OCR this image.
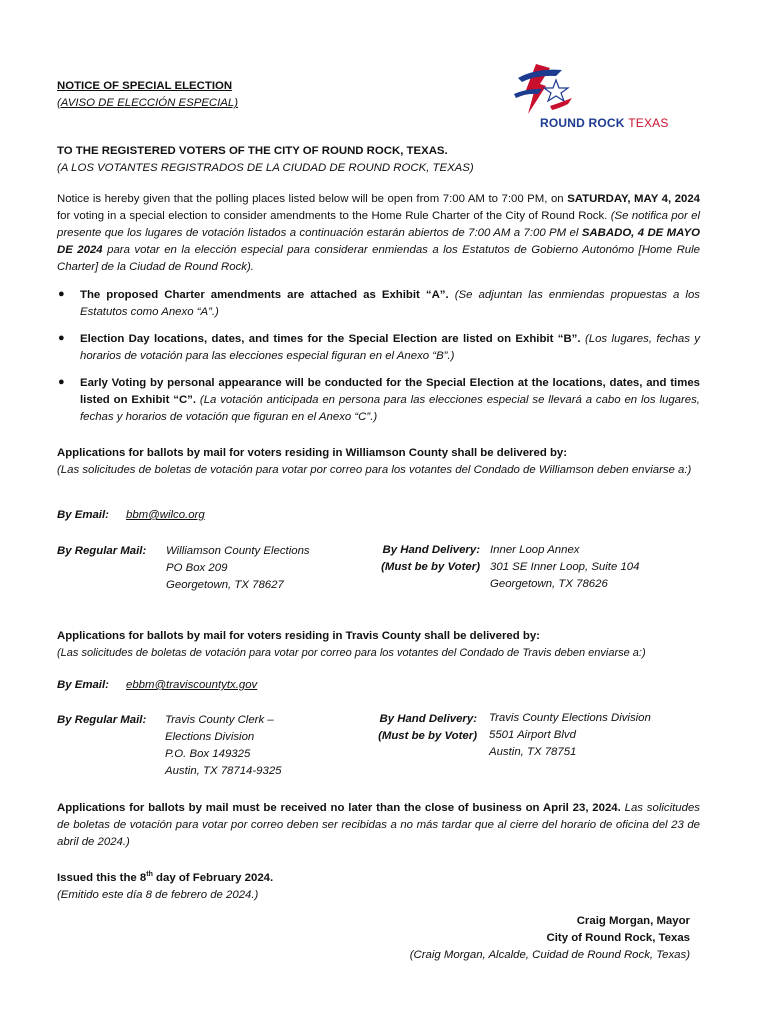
ROUND ROCK TEXAS
NOTICE OF SPECIAL ELECTION
(AVISO DE ELECCIÓN ESPECIAL)
TO THE REGISTERED VOTERS OF THE CITY OF ROUND ROCK, TEXAS.
(A LOS VOTANTES REGISTRADOS DE LA CIUDAD DE ROUND ROCK, TEXAS)
Notice is hereby given that the polling places listed below will be open from 7:00 AM to 7:00 PM, on SATURDAY, MAY 4, 2024 for voting in a special election to consider amendments to the Home Rule Charter of the City of Round Rock. (Se notifica por el presente que los lugares de votación listados a continuación estarán abiertos de 7:00 AM a 7:00 PM el SABADO, 4 DE MAYO DE 2024 para votar en la elección especial para considerar enmiendas a los Estatutos de Gobierno Autonómo [Home Rule Charter] de la Ciudad de Round Rock).
● The proposed Charter amendments are attached as Exhibit “A”. (Se adjuntan las enmiendas propuestas a los Estatutos como Anexo “A”.)
● Election Day locations, dates, and times for the Special Election are listed on Exhibit “B”. (Los lugares, fechas y horarios de votación para las elecciones especial figuran en el Anexo “B”.)
● Early Voting by personal appearance will be conducted for the Special Election at the locations, dates, and times listed on Exhibit “C”. (La votación anticipada en persona para las elecciones especial se llevará a cabo en los lugares, fechas y horarios de votación que figuran en el Anexo “C”.)
Applications for ballots by mail for voters residing in Williamson County shall be delivered by:
(Las solicitudes de boletas de votación para votar por correo para los votantes del Condado de Williamson deben enviarse a:)
By Email: bbm@wilco.org
By Regular Mail: Williamson County Elections
PO Box 209
Georgetown, TX 78627
By Hand Delivery:
(Must be by Voter)
Inner Loop Annex
301 SE Inner Loop, Suite 104
Georgetown, TX 78626
Applications for ballots by mail for voters residing in Travis County shall be delivered by:
(Las solicitudes de boletas de votación para votar por correo para los votantes del Condado de Travis deben enviarse a:)
By Email: ebbm@traviscountytx.gov
By Regular Mail: Travis County Clerk –
Elections Division
P.O. Box 149325
Austin, TX 78714-9325
By Hand Delivery:
(Must be by Voter)
Travis County Elections Division
5501 Airport Blvd
Austin, TX 78751
Applications for ballots by mail must be received no later than the close of business on April 23, 2024. Las solicitudes de boletas de votación para votar por correo deben ser recibidas a no más tardar que al cierre del horario de oficina del 23 de abril de 2024.)
Issued this the 8th day of February 2024.
(Emitido este día 8 de febrero de 2024.)
Craig Morgan, Mayor
City of Round Rock, Texas
(Craig Morgan, Alcalde, Cuidad de Round Rock, Texas)
